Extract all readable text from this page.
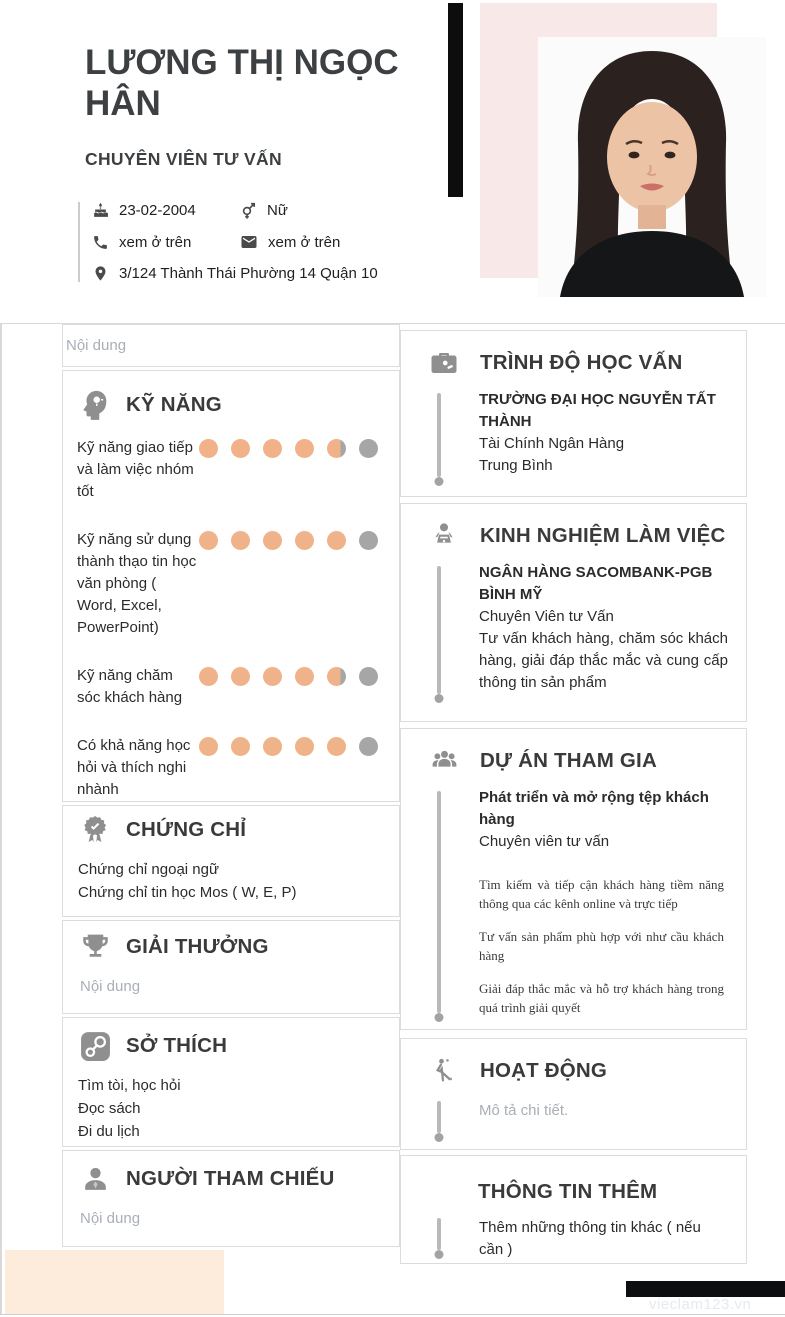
LƯƠNG THỊ NGỌC HÂN
CHUYÊN VIÊN TƯ VẤN
23-02-2004	Nữ
xem ở trên	xem ở trên
3/124 Thành Thái Phường 14 Quận 10
Nội dung
KỸ NĂNG
Kỹ năng giao tiếp và làm việc nhóm tốt
Kỹ năng sử dụng thành thạo tin học văn phòng ( Word, Excel, PowerPoint)
Kỹ năng chăm sóc khách hàng
Có khả năng học hỏi và thích nghi nhành
CHỨNG CHỈ
Chứng chỉ ngoại ngữ
Chứng chỉ tin học Mos ( W, E, P)
GIẢI THƯỞNG
Nội dung
SỞ THÍCH
Tìm tòi, học hỏi
Đọc sách
Đi du lịch
NGƯỜI THAM CHIẾU
Nội dung
TRÌNH ĐỘ HỌC VẤN
TRƯỜNG ĐẠI HỌC NGUYỄN TẤT THÀNH
Tài Chính Ngân Hàng
Trung Bình
KINH NGHIỆM LÀM VIỆC
NGÂN HÀNG SACOMBANK-PGB BÌNH MỸ
Chuyên Viên tư Vấn
Tư vấn khách hàng, chăm sóc khách hàng, giải đáp thắc mắc và cung cấp thông tin sản phẩm
DỰ ÁN THAM GIA
Phát triển và mở rộng tệp khách hàng
Chuyên viên tư vấn
Tìm kiếm và tiếp cận khách hàng tiềm năng thông qua các kênh online và trực tiếp
Tư vấn sản phẩm phù hợp với như cầu khách hàng
Giải đáp thắc mắc và hỗ trợ khách hàng trong quá trình giải quyết
HOẠT ĐỘNG
Mô tả chi tiết.
THÔNG TIN THÊM
Thêm những thông tin khác ( nếu cần )
vieclam123.vn
